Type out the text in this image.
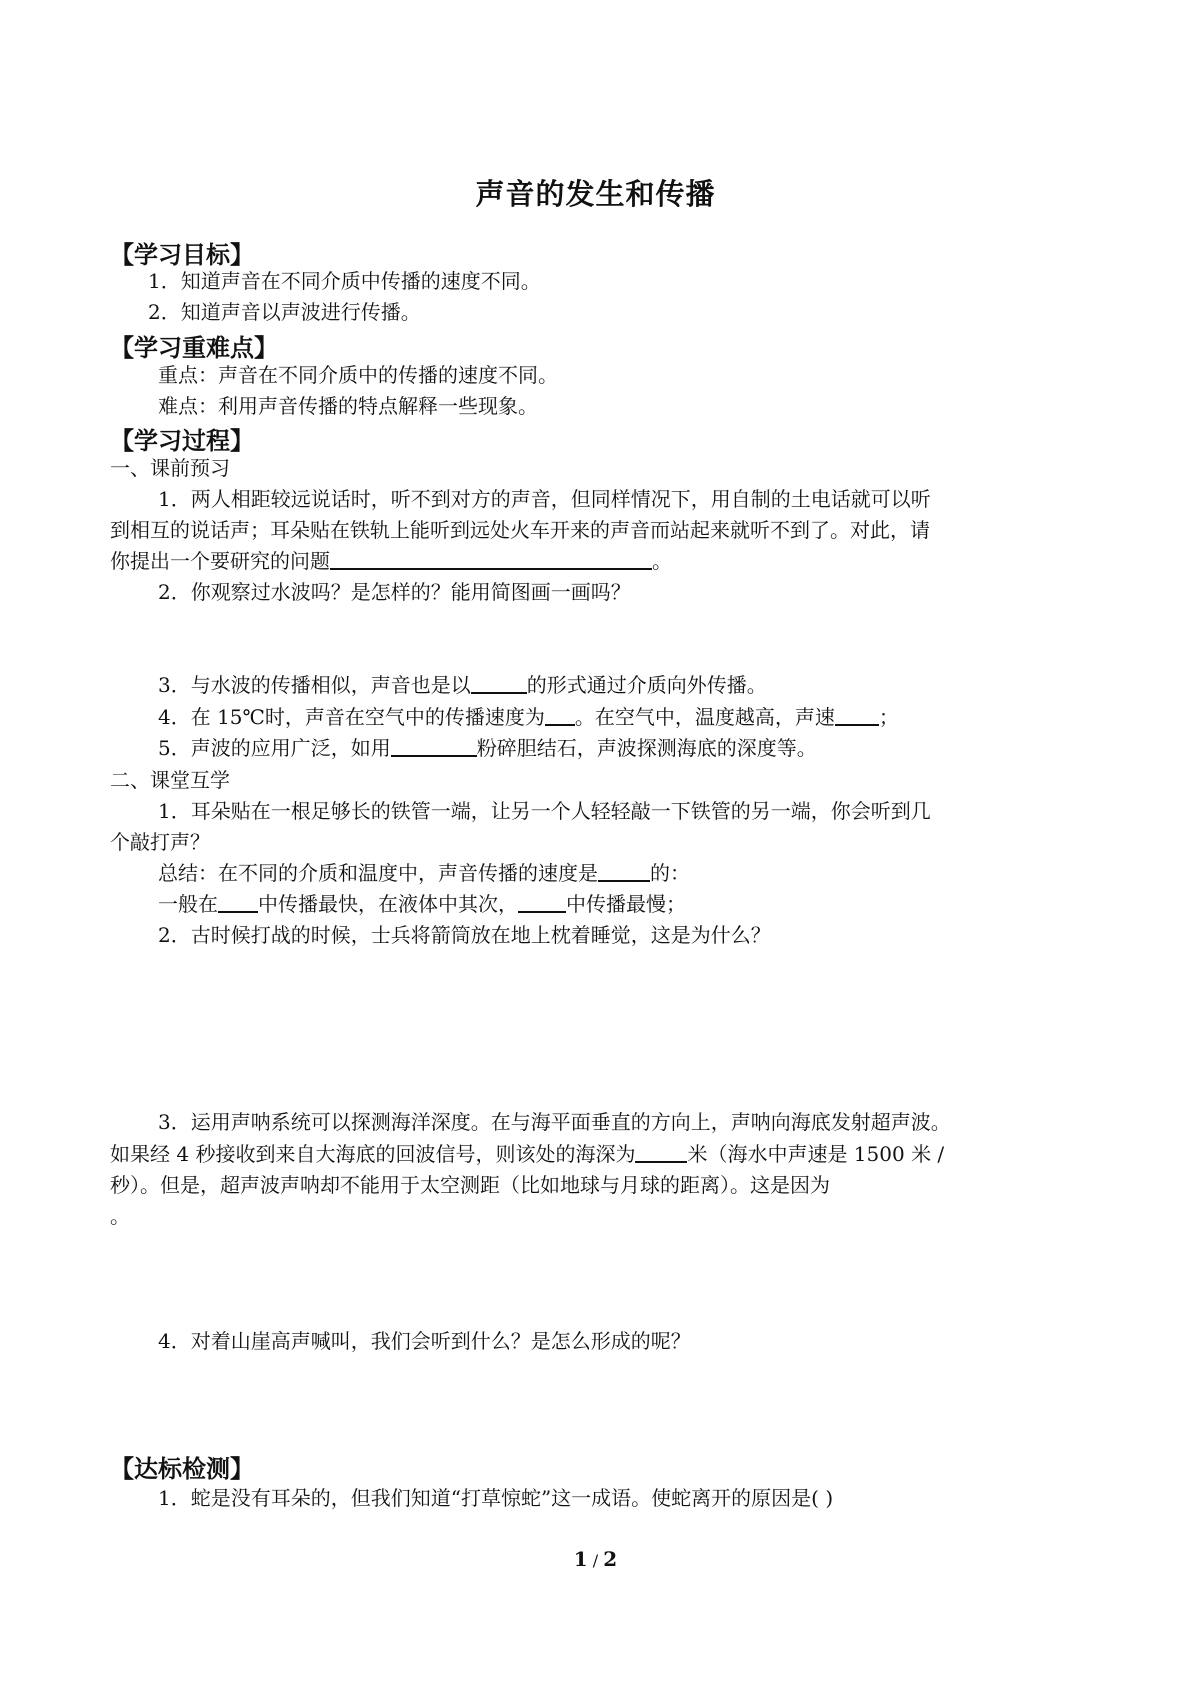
声音的发生和传播
【学习目标】
1．知道声音在不同介质中传播的速度不同。
2．知道声音以声波进行传播。
【学习重难点】
重点：声音在不同介质中的传播的速度不同。
难点：利用声音传播的特点解释一些现象。
【学习过程】
一、课前预习
1．两人相距较远说话时，听不到对方的声音，但同样情况下，用自制的土电话就可以听
到相互的说话声；耳朵贴在铁轨上能听到远处火车开来的声音而站起来就听不到了。对此，请
你提出一个要研究的问题	。
2．你观察过水波吗？是怎样的？能用简图画一画吗？
3．与水波的传播相似，声音也是以	的形式通过介质向外传播。
4．在 15℃时，声音在空气中的传播速度为 。在空气中，温度越高，声速 ；
5．声波的应用广泛，如用	粉碎胆结石，声波探测海底的深度等。
二、课堂互学
1．耳朵贴在一根足够长的铁管一端，让另一个人轻轻敲一下铁管的另一端，你会听到几
个敲打声？
总结：在不同的介质和温度中，声音传播的速度是	的：
一般在 中传播最快，在液体中其次， 中传播最慢；
2．古时候打战的时候，士兵将箭筒放在地上枕着睡觉，这是为什么？
3．运用声呐系统可以探测海洋深度。在与海平面垂直的方向上，声呐向海底发射超声波。
如果经 4 秒接收到来自大海底的回波信号，则该处的海深为	米（海水中声速是 1500 米 /
秒）。但是，超声波声呐却不能用于太空测距（比如地球与月球的距离）。这是因为
。
4．对着山崖高声喊叫，我们会听到什么？是怎么形成的呢？
【达标检测】
1．蛇是没有耳朵的，但我们知道“打草惊蛇”这一成语。使蛇离开的原因是( )
1 / 2
